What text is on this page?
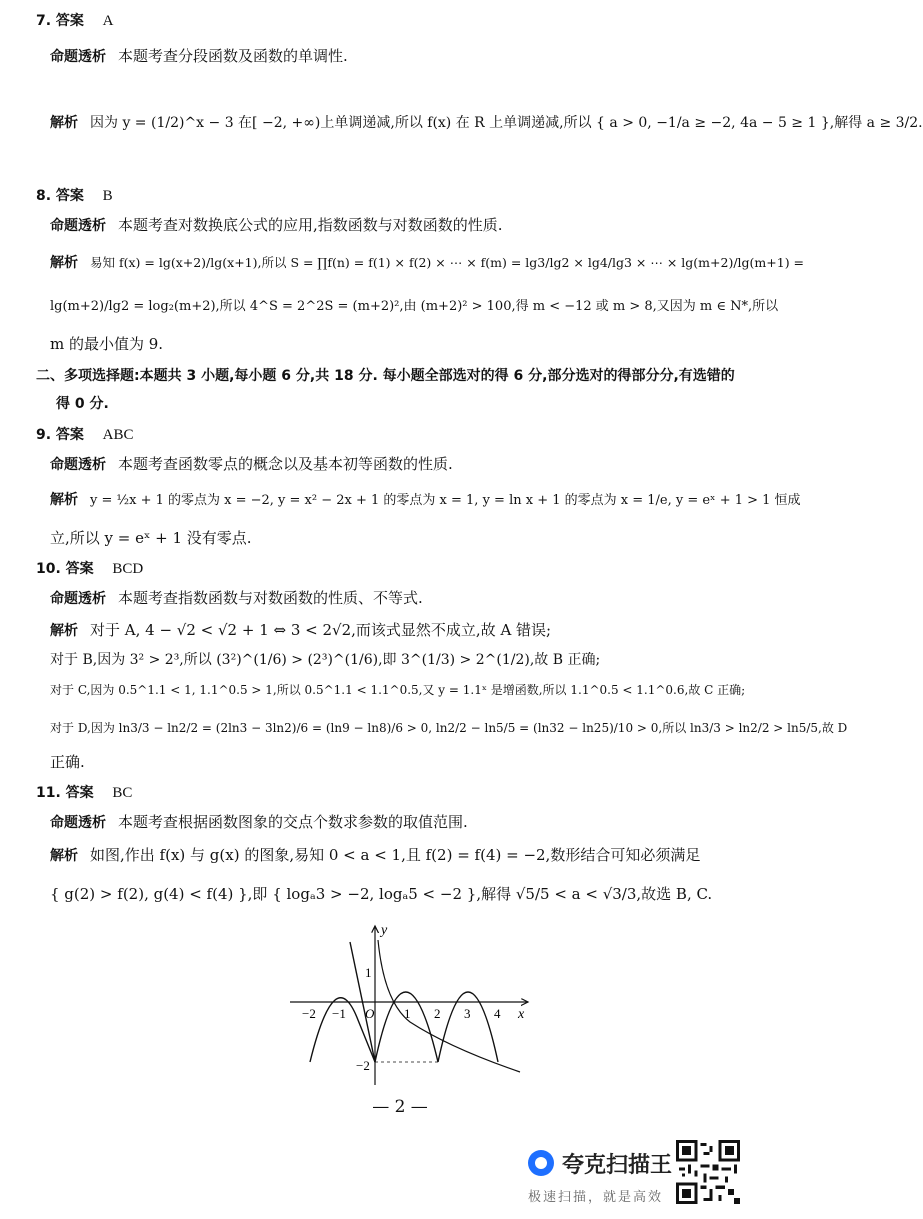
7. 答案 A
命题透析 本题考查分段函数及函数的单调性.
解析 因为 y = (1/2)^x − 3 在[ −2, +∞)上单调递减,所以 f(x) 在 R 上单调递减,所以 { a > 0, −1/a ≥ −2, 4a − 5 ≥ 1 },解得 a ≥ 3/2.
8. 答案 B
命题透析 本题考查对数换底公式的应用,指数函数与对数函数的性质.
解析 易知 f(x) = lg(x+2)/lg(x+1),所以 S = ∏f(n) = f(1) × f(2) × ⋯ × f(m) = lg3/lg2 × lg4/lg3 × ⋯ × lg(m+2)/lg(m+1) =
lg(m+2)/lg2 = log₂(m+2),所以 4^S = 2^2S = (m+2)²,由 (m+2)² > 100,得 m < −12 或 m > 8,又因为 m ∈ N*,所以
m 的最小值为 9.
二、多项选择题:本题共 3 小题,每小题 6 分,共 18 分. 每小题全部选对的得 6 分,部分选对的得部分分,有选错的
得 0 分.
9. 答案 ABC
命题透析 本题考查函数零点的概念以及基本初等函数的性质.
解析 y = ½x + 1 的零点为 x = −2, y = x² − 2x + 1 的零点为 x = 1, y = ln x + 1 的零点为 x = 1/e, y = eˣ + 1 > 1 恒成
立,所以 y = eˣ + 1 没有零点.
10. 答案 BCD
命题透析 本题考查指数函数与对数函数的性质、不等式.
解析 对于 A, 4 − √2 < √2 + 1 ⇔ 3 < 2√2,而该式显然不成立,故 A 错误;
对于 B,因为 3² > 2³,所以 (3²)^(1/6) > (2³)^(1/6),即 3^(1/3) > 2^(1/2),故 B 正确;
对于 C,因为 0.5^1.1 < 1, 1.1^0.5 > 1,所以 0.5^1.1 < 1.1^0.5,又 y = 1.1ˣ 是增函数,所以 1.1^0.5 < 1.1^0.6,故 C 正确;
对于 D,因为 ln3/3 − ln2/2 = (2ln3 − 3ln2)/6 = (ln9 − ln8)/6 > 0, ln2/2 − ln5/5 = (ln32 − ln25)/10 > 0,所以 ln3/3 > ln2/2 > ln5/5,故 D
正确.
11. 答案 BC
命题透析 本题考查根据函数图象的交点个数求参数的取值范围.
解析 如图,作出 f(x) 与 g(x) 的图象,易知 0 < a < 1,且 f(2) = f(4) = −2,数形结合可知必须满足
{ g(2) > f(2), g(4) < f(4) },即 { logₐ3 > −2, logₐ5 < −2 },解得 √5/5 < a < √3/3,故选 B, C.
x
y
O
−2 −1	1 2 3 4
1
−2
— 2 —
夸克扫描王
极速扫描，就是高效
